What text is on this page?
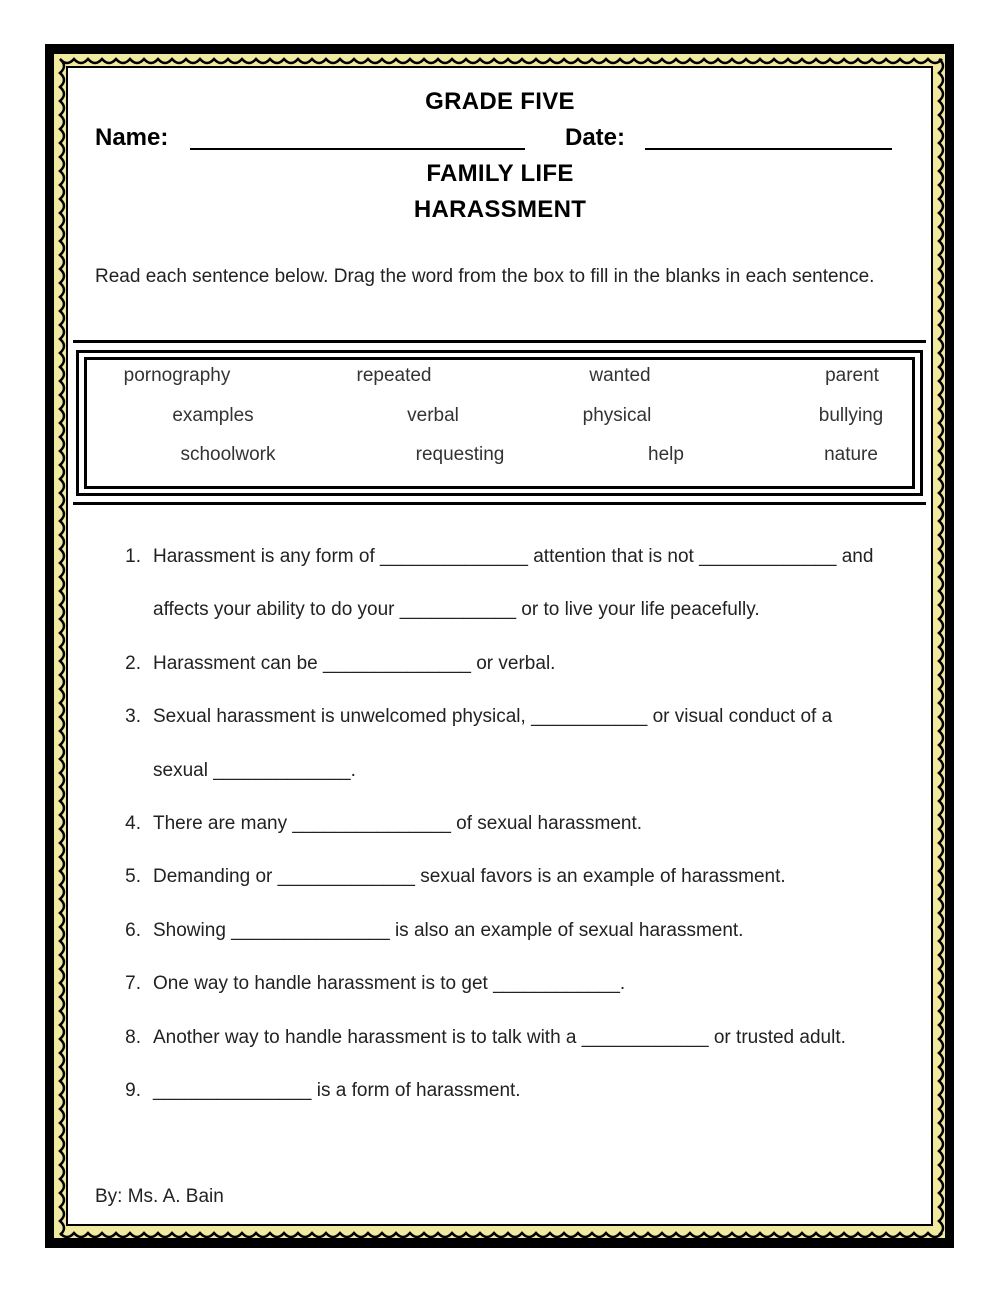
GRADE FIVE
Name:	Date:
FAMILY LIFE
HARASSMENT
Read each sentence below. Drag the word from the box to fill in the blanks in each sentence.
pornography	repeated	wanted	parent
examples	verbal	physical	bullying
schoolwork	requesting	help	nature
1. Harassment is any form of ______________ attention that is not _____________ and
affects your ability to do your ___________ or to live your life peacefully.
2. Harassment can be ______________ or verbal.
3. Sexual harassment is unwelcomed physical, ___________ or visual conduct of a
sexual _____________.
4. There are many _______________ of sexual harassment.
5. Demanding or _____________ sexual favors is an example of harassment.
6. Showing _______________ is also an example of sexual harassment.
7. One way to handle harassment is to get ____________.
8. Another way to handle harassment is to talk with a ____________ or trusted adult.
9. _______________ is a form of harassment.
By: Ms. A. Bain
